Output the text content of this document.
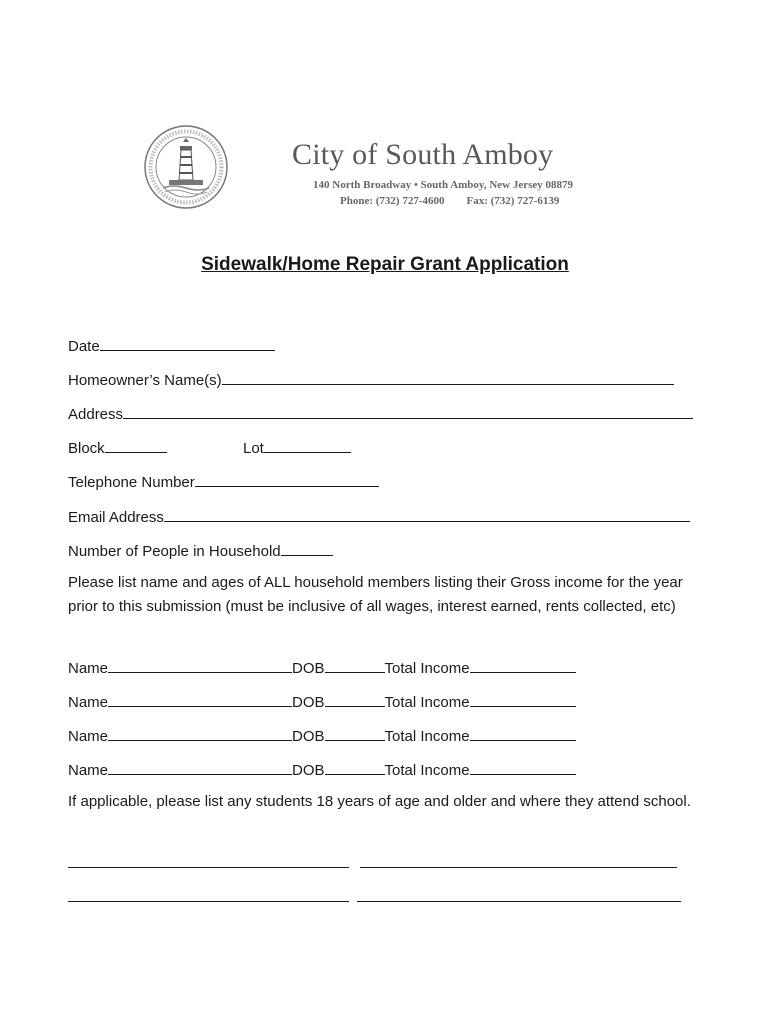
City of South Amboy
140 North Broadway • South Amboy, New Jersey 08879
Phone: (732) 727-4600 Fax: (732) 727-6139
Sidewalk/Home Repair Grant Application
Date
Homeowner’s Name(s)
Address
Block	Lot
Telephone Number
Email Address
Number of People in Household
Please list name and ages of ALL household members listing their Gross income for the year prior to this submission (must be inclusive of all wages, interest earned, rents collected, etc)
Name	DOB	Total Income
Name	DOB	Total Income
Name	DOB	Total Income
Name	DOB	Total Income
If applicable, please list any students 18 years of age and older and where they attend school.
